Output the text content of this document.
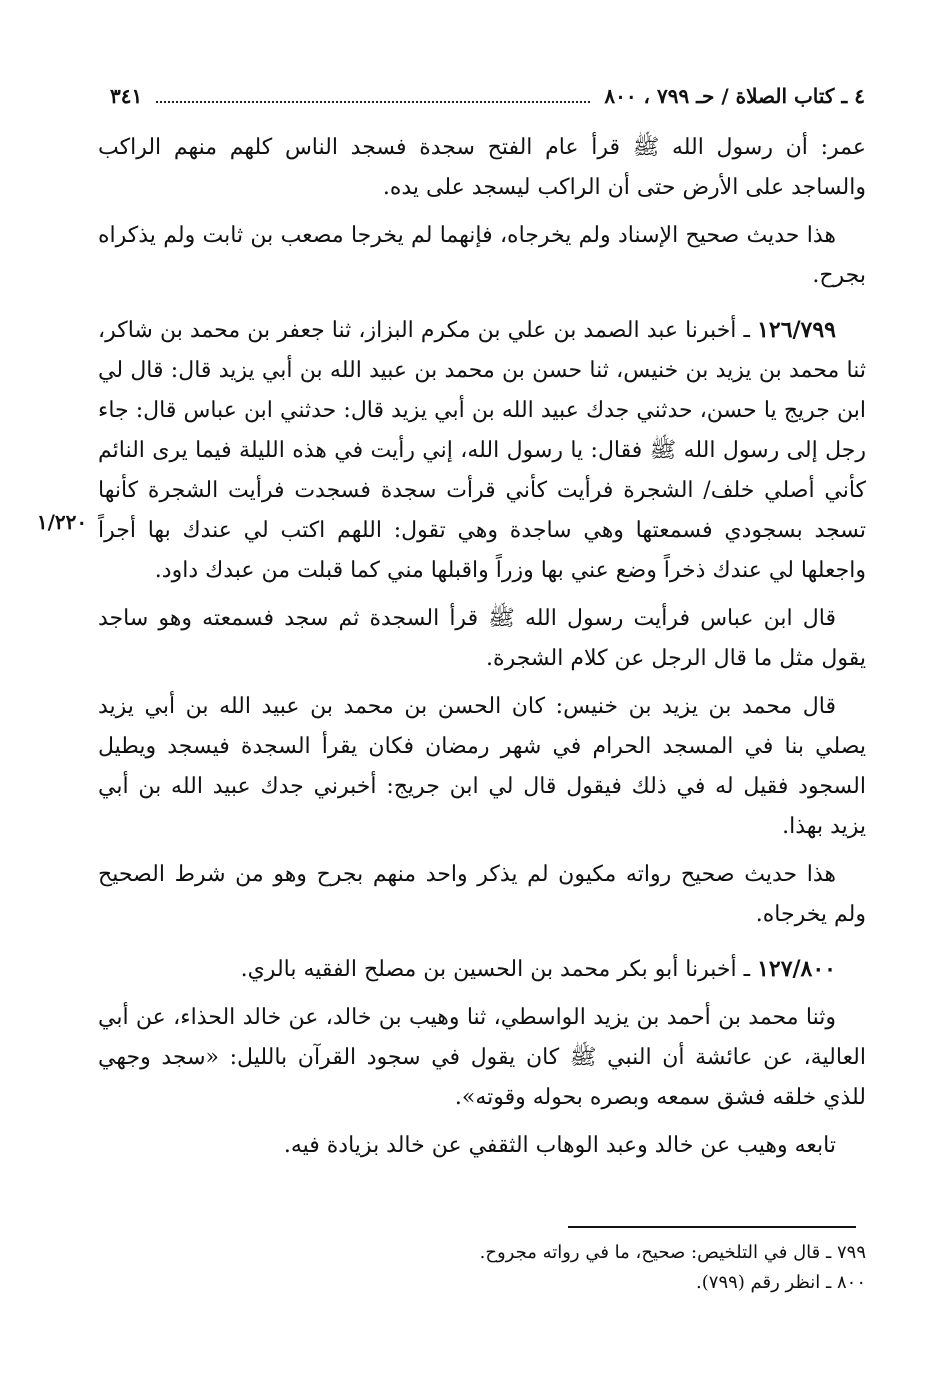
٤ ـ كتاب الصلاة / حـ ٧٩٩ ، ٨٠٠
٣٤١
١/٢٢٠

عمر: أن رسول الله ﷺ قرأ عام الفتح سجدة فسجد الناس كلهم منهم الراكب والساجد على الأرض حتى أن الراكب ليسجد على يده.

هذا حديث صحيح الإسناد ولم يخرجاه، فإنهما لم يخرجا مصعب بن ثابت ولم يذكراه بجرح.

١٢٦/٧٩٩ ـ أخبرنا عبد الصمد بن علي بن مكرم البزاز، ثنا جعفر بن محمد بن شاكر، ثنا محمد بن يزيد بن خنيس، ثنا حسن بن محمد بن عبيد الله بن أبي يزيد قال: قال لي ابن جريج يا حسن، حدثني جدك عبيد الله بن أبي يزيد قال: حدثني ابن عباس قال: جاء رجل إلى رسول الله ﷺ فقال: يا رسول الله، إني رأيت في هذه الليلة فيما يرى النائم كأني أصلي خلف/ الشجرة فرأيت كأني قرأت سجدة فسجدت فرأيت الشجرة كأنها تسجد بسجودي فسمعتها وهي ساجدة وهي تقول: اللهم اكتب لي عندك بها أجراً واجعلها لي عندك ذخراً وضع عني بها وزراً واقبلها مني كما قبلت من عبدك داود.

قال ابن عباس فرأيت رسول الله ﷺ قرأ السجدة ثم سجد فسمعته وهو ساجد يقول مثل ما قال الرجل عن كلام الشجرة.

قال محمد بن يزيد بن خنيس: كان الحسن بن محمد بن عبيد الله بن أبي يزيد يصلي بنا في المسجد الحرام في شهر رمضان فكان يقرأ السجدة فيسجد ويطيل السجود فقيل له في ذلك فيقول قال لي ابن جريج: أخبرني جدك عبيد الله بن أبي يزيد بهذا.

هذا حديث صحيح رواته مكيون لم يذكر واحد منهم بجرح وهو من شرط الصحيح ولم يخرجاه.

١٢٧/٨٠٠ ـ أخبرنا أبو بكر محمد بن الحسين بن مصلح الفقيه بالري.

وثنا محمد بن أحمد بن يزيد الواسطي، ثنا وهيب بن خالد، عن خالد الحذاء، عن أبي العالية، عن عائشة أن النبي ﷺ كان يقول في سجود القرآن بالليل: «سجد وجهي للذي خلقه فشق سمعه وبصره بحوله وقوته».

تابعه وهيب عن خالد وعبد الوهاب الثقفي عن خالد بزيادة فيه.

٧٩٩ ـ قال في التلخيص: صحيح، ما في رواته مجروح.

٨٠٠ ـ انظر رقم (٧٩٩).
